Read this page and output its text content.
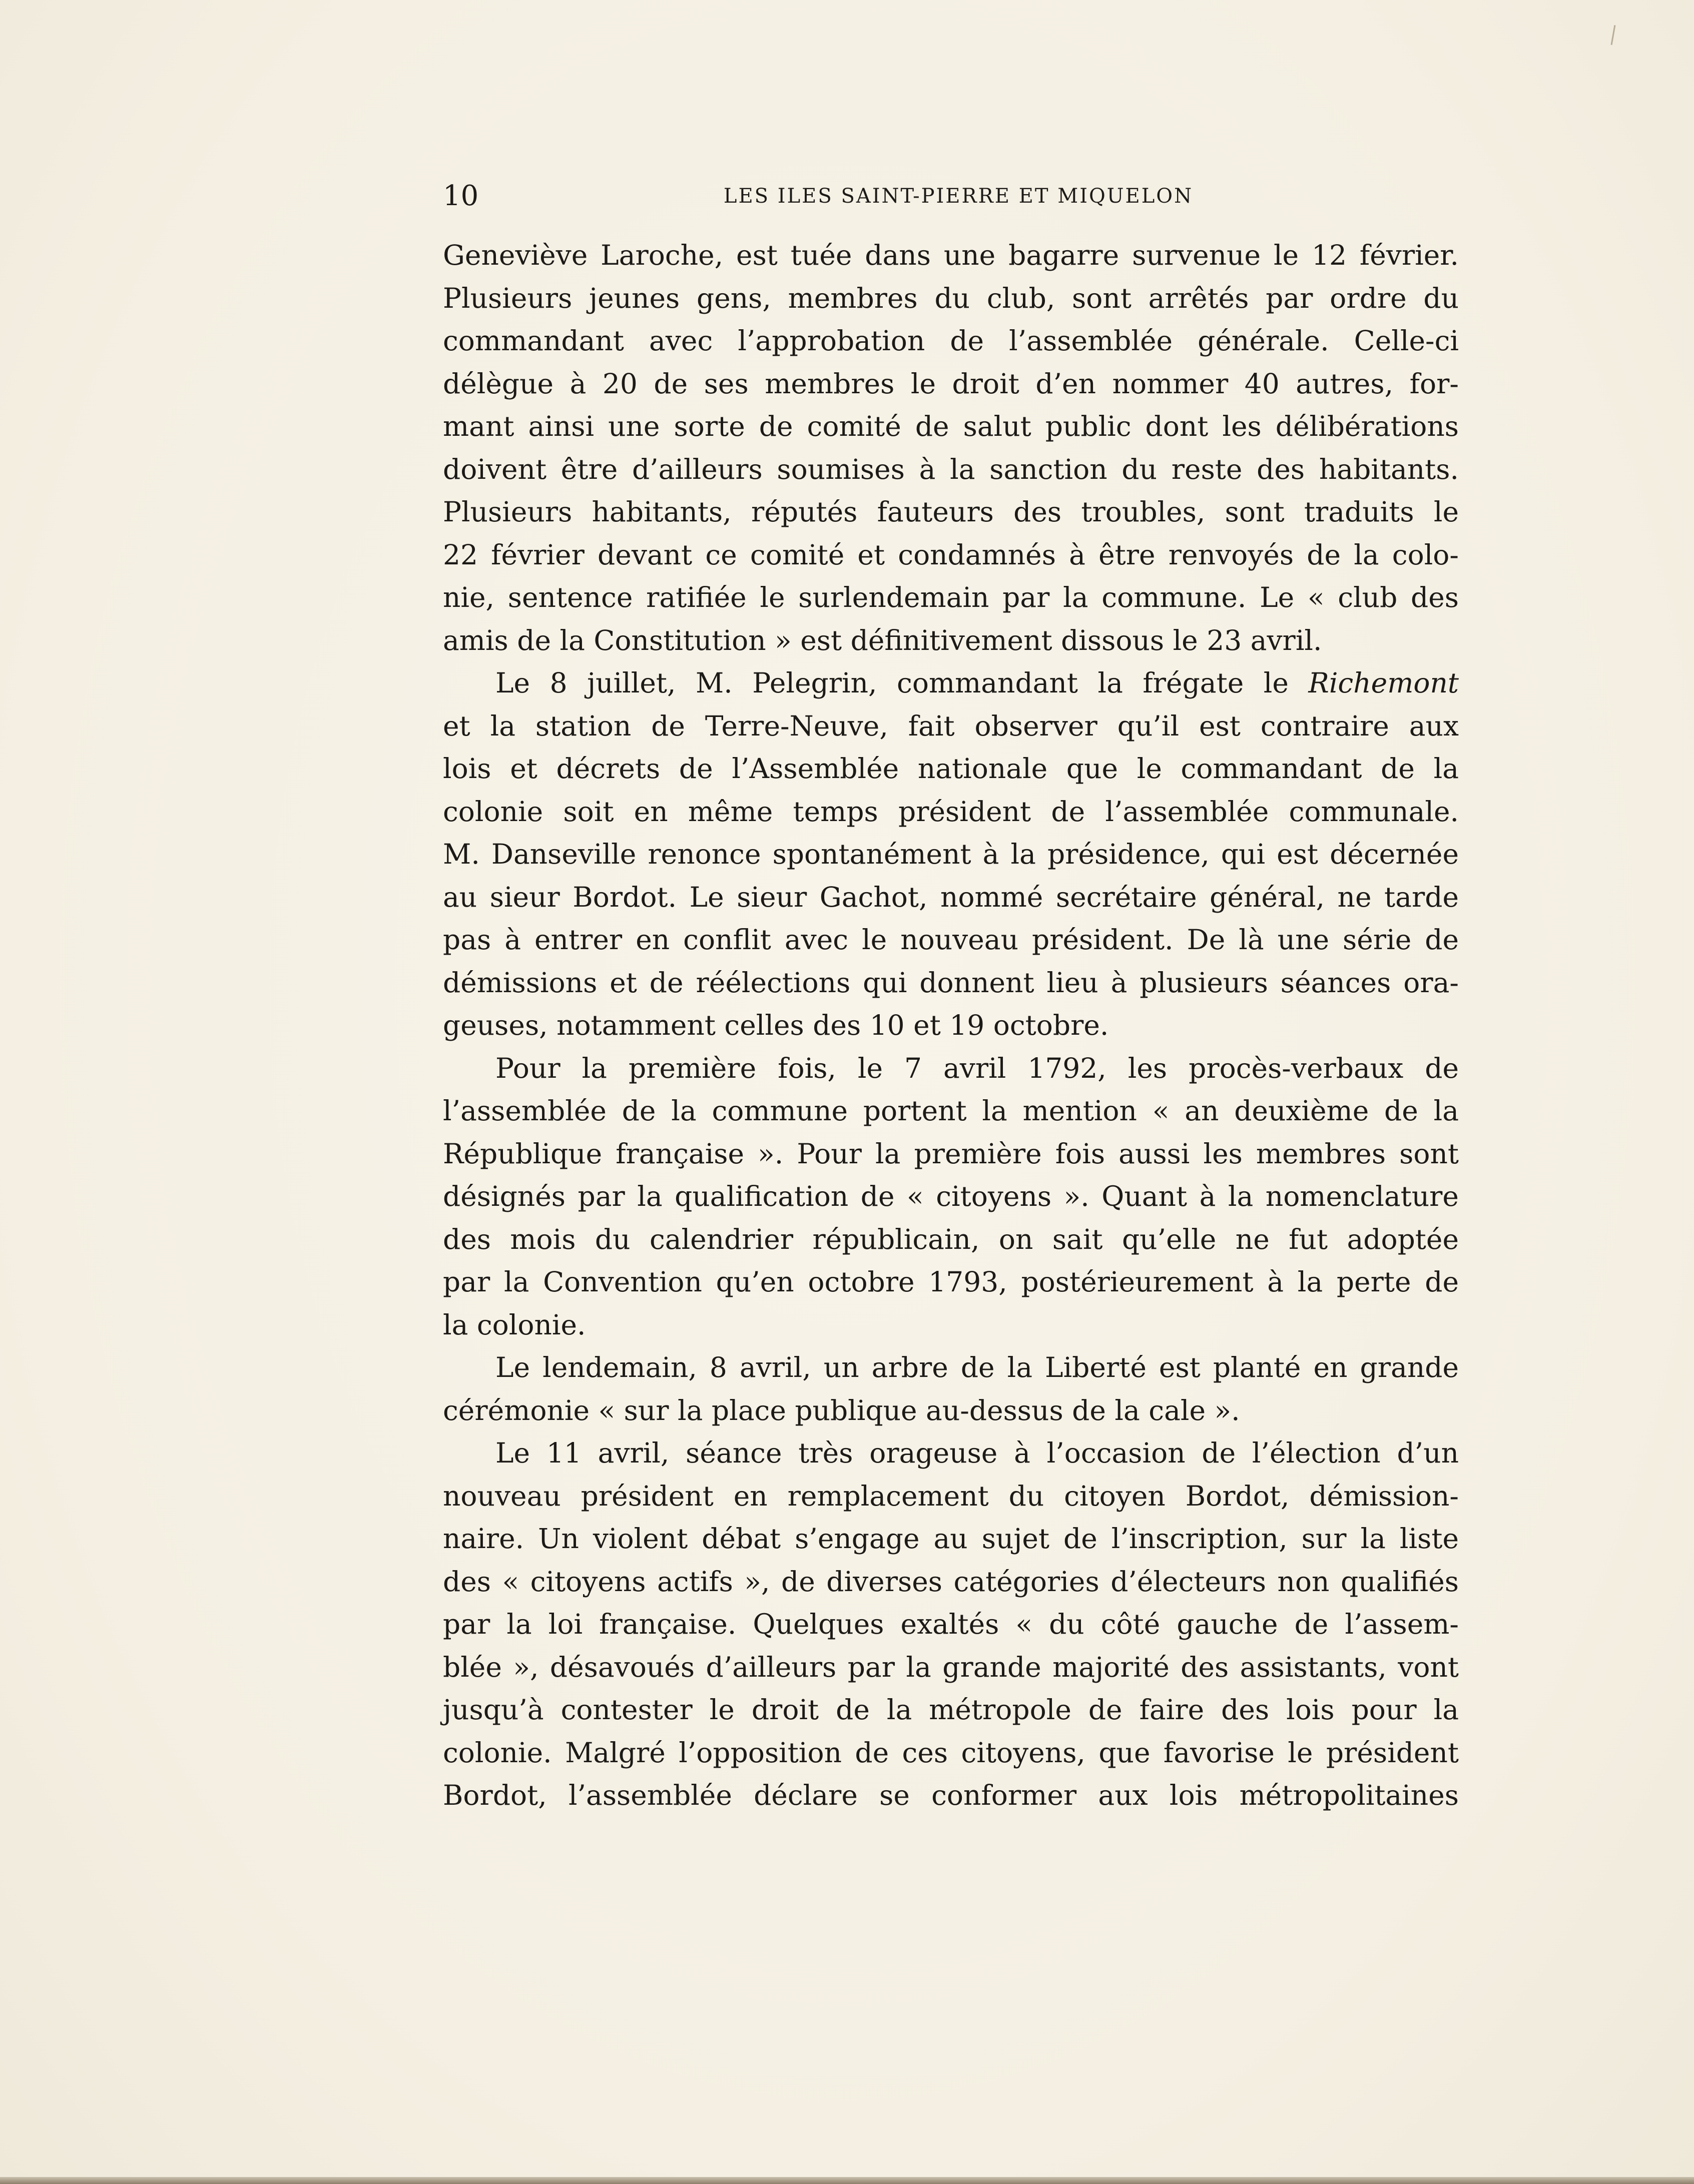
10	LES ILES SAINT-PIERRE ET MIQUELON
Geneviève Laroche, est tuée dans une bagarre survenue le 12 février.
Plusieurs jeunes gens, membres du club, sont arrêtés par ordre du
commandant avec l’approbation de l’assemblée générale. Celle-ci
délègue à 20 de ses membres le droit d’en nommer 40 autres, for-
mant ainsi une sorte de comité de salut public dont les délibérations
doivent être d’ailleurs soumises à la sanction du reste des habitants.
Plusieurs habitants, réputés fauteurs des troubles, sont traduits le
22 février devant ce comité et condamnés à être renvoyés de la colo-
nie, sentence ratifiée le surlendemain par la commune. Le « club des
amis de la Constitution » est définitivement dissous le 23 avril.
Le 8 juillet, M. Pelegrin, commandant la frégate le Richemont
et la station de Terre-Neuve, fait observer qu’il est contraire aux
lois et décrets de l’Assemblée nationale que le commandant de la
colonie soit en même temps président de l’assemblée communale.
M. Danseville renonce spontanément à la présidence, qui est décernée
au sieur Bordot. Le sieur Gachot, nommé secrétaire général, ne tarde
pas à entrer en conflit avec le nouveau président. De là une série de
démissions et de réélections qui donnent lieu à plusieurs séances ora-
geuses, notamment celles des 10 et 19 octobre.
Pour la première fois, le 7 avril 1792, les procès-verbaux de
l’assemblée de la commune portent la mention « an deuxième de la
République française ». Pour la première fois aussi les membres sont
désignés par la qualification de « citoyens ». Quant à la nomenclature
des mois du calendrier républicain, on sait qu’elle ne fut adoptée
par la Convention qu’en octobre 1793, postérieurement à la perte de
la colonie.
Le lendemain, 8 avril, un arbre de la Liberté est planté en grande
cérémonie « sur la place publique au-dessus de la cale ».
Le 11 avril, séance très orageuse à l’occasion de l’élection d’un
nouveau président en remplacement du citoyen Bordot, démission-
naire. Un violent débat s’engage au sujet de l’inscription, sur la liste
des « citoyens actifs », de diverses catégories d’électeurs non qualifiés
par la loi française. Quelques exaltés « du côté gauche de l’assem-
blée », désavoués d’ailleurs par la grande majorité des assistants, vont
jusqu’à contester le droit de la métropole de faire des lois pour la
colonie. Malgré l’opposition de ces citoyens, que favorise le président
Bordot, l’assemblée déclare se conformer aux lois métropolitaines
